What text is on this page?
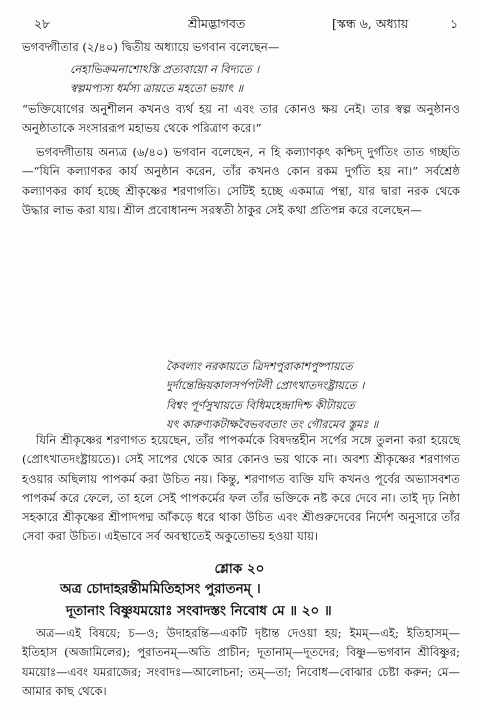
২৮	শ্রীমদ্ভাগবত	[স্কন্ধ ৬, অধ্যায়	১

ভগবদ্গীতার (২/৪০) দ্বিতীয় অধ্যায়ে ভগবান বলেছেন—

নেহাভিক্রমনাশোঽস্তি প্রত্যবায়ো ন বিদ্যতে ।
স্বল্পমপ্যস্য ধর্মস্য ত্রায়তে মহতো ভয়াৎ ॥

“ভক্তিযোগের অনুশীলন কখনও ব্যর্থ হয় না এবং তার কোনও ক্ষয় নেই। তার স্বল্প অনুষ্ঠানও অনুষ্ঠাতাকে সংসাররূপ মহাভয় থেকে পরিত্রাণ করে।”

ভগবদ্গীতায় অন্যত্র (৬/৪০) ভগবান বলেছেন, ন হি কল্যাণকৃৎ কশ্চিদ্ দুর্গতিং তাত গচ্ছতি—“যিনি কল্যাণকর কার্য অনুষ্ঠান করেন, তাঁর কখনও কোন রকম দুর্গতি হয় না।” সর্বশ্রেষ্ঠ কল্যাণকর কার্য হচ্ছে শ্রীকৃষ্ণের শরণাগতি। সেটিই হচ্ছে একমাত্র পন্থা, যার দ্বারা নরক থেকে উদ্ধার লাভ করা যায়। শ্রীল প্রবোধানন্দ সরস্বতী ঠাকুর সেই কথা প্রতিপন্ন করে বলেছেন—

কৈবল্যং নরকায়তে ত্রিদশপুরাকাশপুষ্পায়তে
দুর্দান্তেন্দ্রিয়কালসর্পপটলী প্রোৎখাতদংষ্ট্রায়তে ।
বিশ্বং পূর্ণসুখায়তে বিধিমহেন্দ্রাদিশ্চ কীটায়তে
যৎ কারুণ্যকটাক্ষবৈভববতাং তং গৌরমেব স্তুমঃ ॥

যিনি শ্রীকৃষ্ণের শরণাগত হয়েছেন, তাঁর পাপকর্মকে বিষদন্তহীন সর্পের সঙ্গে তুলনা করা হয়েছে (প্রোৎখাতদংষ্ট্রায়তে)। সেই সাপের থেকে আর কোনও ভয় থাকে না। অবশ্য শ্রীকৃষ্ণের শরণাগত হওয়ার অছিলায় পাপকর্ম করা উচিত নয়। কিন্তু, শরণাগত ব্যক্তি যদি কখনও পূর্বের অভ্যাসবশত পাপকর্ম করে ফেলে, তা হলে সেই পাপকর্মের ফল তাঁর ভক্তিকে নষ্ট করে দেবে না। তাই দৃঢ় নিষ্ঠা সহকারে শ্রীকৃষ্ণের শ্রীপাদপদ্ম আঁকড়ে ধরে থাকা উচিত এবং শ্রীগুরুদেবের নির্দেশ অনুসারে তাঁর সেবা করা উচিত। এইভাবে সর্ব অবস্থাতেই অকুতোভয় হওয়া যায়।

শ্লোক ২০
অত্র চোদাহরন্তীমমিতিহাসং পুরাতনম্ ।
দূতানাং বিষ্ণুযময়োঃ সংবাদস্তং নিবোধ মে ॥ ২০ ॥

অত্র—এই বিষয়ে; চ—ও; উদাহরন্তি—একটি দৃষ্টান্ত দেওয়া হয়; ইমম্—এই; ইতিহাসম্—ইতিহাস (অজামিলের); পুরাতনম্—অতি প্রাচীন; দূতানাম্—দূতদের; বিষ্ণু—ভগবান শ্রীবিষ্ণুর; যময়োঃ—এবং যমরাজের; সংবাদঃ—আলোচনা; তম্—তা; নিবোধ—বোঝার চেষ্টা করুন; মে—আমার কাছ থেকে।
